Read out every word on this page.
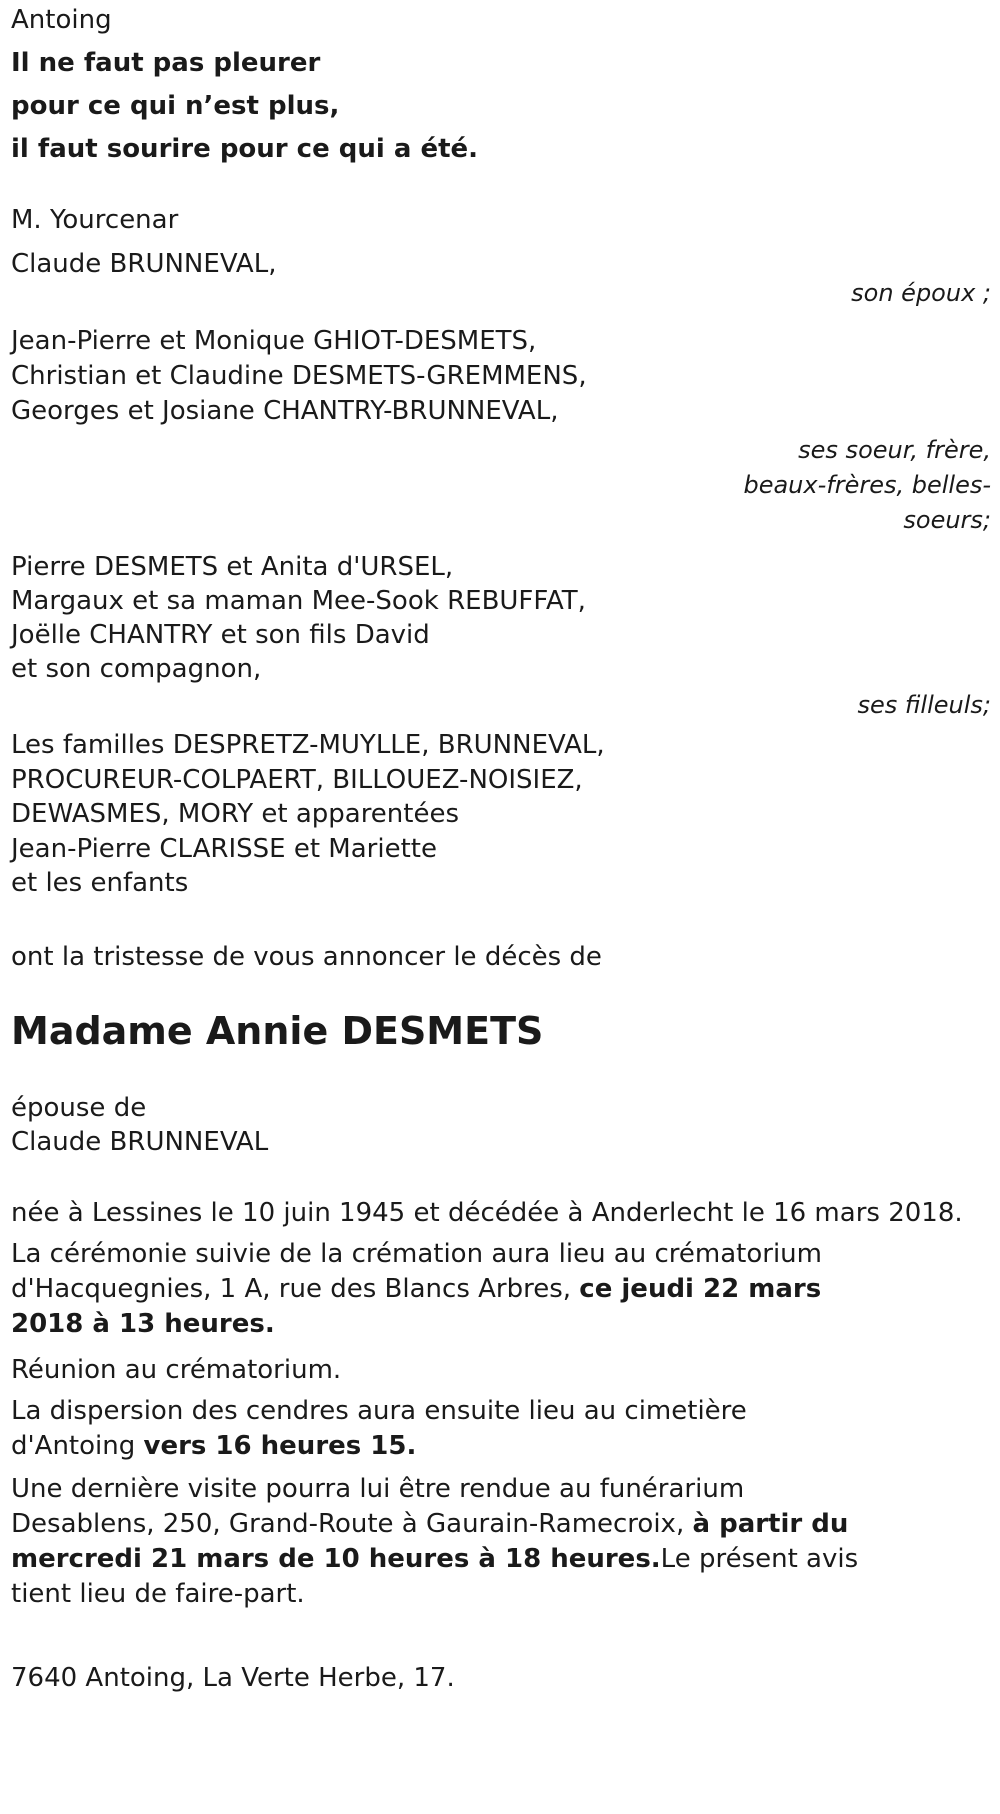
Antoing
Il ne faut pas pleurer
pour ce qui n’est plus,
il faut sourire pour ce qui a été.
M. Yourcenar
Claude BRUNNEVAL,
son époux ;
Jean-Pierre et Monique GHIOT-DESMETS,
Christian et Claudine DESMETS-GREMMENS,
Georges et Josiane CHANTRY-BRUNNEVAL,
ses soeur, frère,
beaux-frères, belles-
soeurs;
Pierre DESMETS et Anita d'URSEL,
Margaux et sa maman Mee-Sook REBUFFAT,
Joëlle CHANTRY et son fils David
et son compagnon,
ses filleuls;
Les familles DESPRETZ-MUYLLE, BRUNNEVAL,
PROCUREUR-COLPAERT, BILLOUEZ-NOISIEZ,
DEWASMES, MORY et apparentées
Jean-Pierre CLARISSE et Mariette
et les enfants
ont la tristesse de vous annoncer le décès de
Madame Annie DESMETS
épouse de
Claude BRUNNEVAL
née à Lessines le 10 juin 1945 et décédée à Anderlecht le 16 mars 2018.
La cérémonie suivie de la crémation aura lieu au crématorium d'Hacquegnies, 1 A, rue des Blancs Arbres, ce jeudi 22 mars 2018 à 13 heures.
Réunion au crématorium.
La dispersion des cendres aura ensuite lieu au cimetière d'Antoing vers 16 heures 15.
Une dernière visite pourra lui être rendue au funérarium Desablens, 250, Grand-Route à Gaurain-Ramecroix, à partir du mercredi 21 mars de 10 heures à 18 heures.Le présent avis tient lieu de faire-part.
7640 Antoing, La Verte Herbe, 17.
